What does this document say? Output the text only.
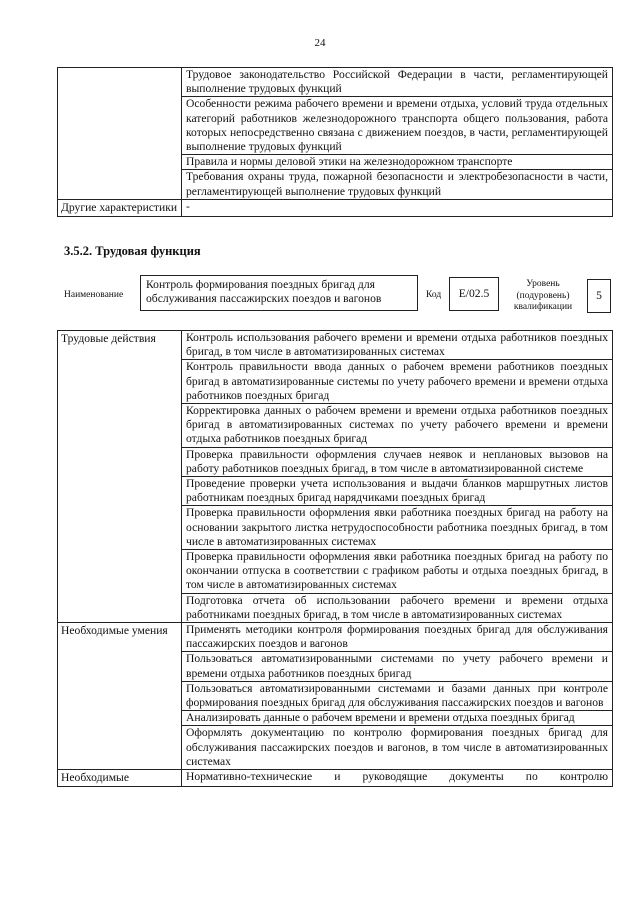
24
	Трудовое законодательство Российской Федерации в части, регламентирующей выполнение трудовых функций
	Особенности режима рабочего времени и времени отдыха, условий труда отдельных категорий работников железнодорожного транспорта общего пользования, работа которых непосредственно связана с движением поездов, в части, регламентирующей выполнение трудовых функций
	Правила и нормы деловой этики на железнодорожном транспорте
	Требования охраны труда, пожарной безопасности и электробезопасности в части, регламентирующей выполнение трудовых функций
Другие характеристики	-
3.5.2. Трудовая функция
Наименование
Контроль формирования поездных бригад для обслуживания пассажирских поездов и вагонов	Код	E/02.5
Уровень
(подуровень)
квалификации
5
Трудовые действия	Контроль использования рабочего времени и времени отдыха работников поездных бригад, в том числе в автоматизированных системах
	Контроль правильности ввода данных о рабочем времени работников поездных бригад в автоматизированные системы по учету рабочего времени и времени отдыха работников поездных бригад
	Корректировка данных о рабочем времени и времени отдыха работников поездных бригад в автоматизированных системах по учету рабочего времени и времени отдыха работников поездных бригад
	Проверка правильности оформления случаев неявок и неплановых вызовов на работу работников поездных бригад, в том числе в автоматизированной системе
	Проведение проверки учета использования и выдачи бланков маршрутных листов работникам поездных бригад нарядчиками поездных бригад
	Проверка правильности оформления явки работника поездных бригад на работу на основании закрытого листка нетрудоспособности работника поездных бригад, в том числе в автоматизированных системах
	Проверка правильности оформления явки работника поездных бригад на работу по окончании отпуска в соответствии с графиком работы и отдыха поездных бригад, в том числе в автоматизированных системах
	Подготовка отчета об использовании рабочего времени и времени отдыха работниками поездных бригад, в том числе в автоматизированных системах
Необходимые умения	Применять методики контроля формирования поездных бригад для обслуживания пассажирских поездов и вагонов
	Пользоваться автоматизированными системами по учету рабочего времени и времени отдыха работников поездных бригад
	Пользоваться автоматизированными системами и базами данных при контроле формирования поездных бригад для обслуживания пассажирских поездов и вагонов
	Анализировать данные о рабочем времени и времени отдыха поездных бригад
	Оформлять документацию по контролю формирования поездных бригад для обслуживания пассажирских поездов и вагонов, в том числе в автоматизированных системах
Необходимые	Нормативно-технические и руководящие документы по контролю
